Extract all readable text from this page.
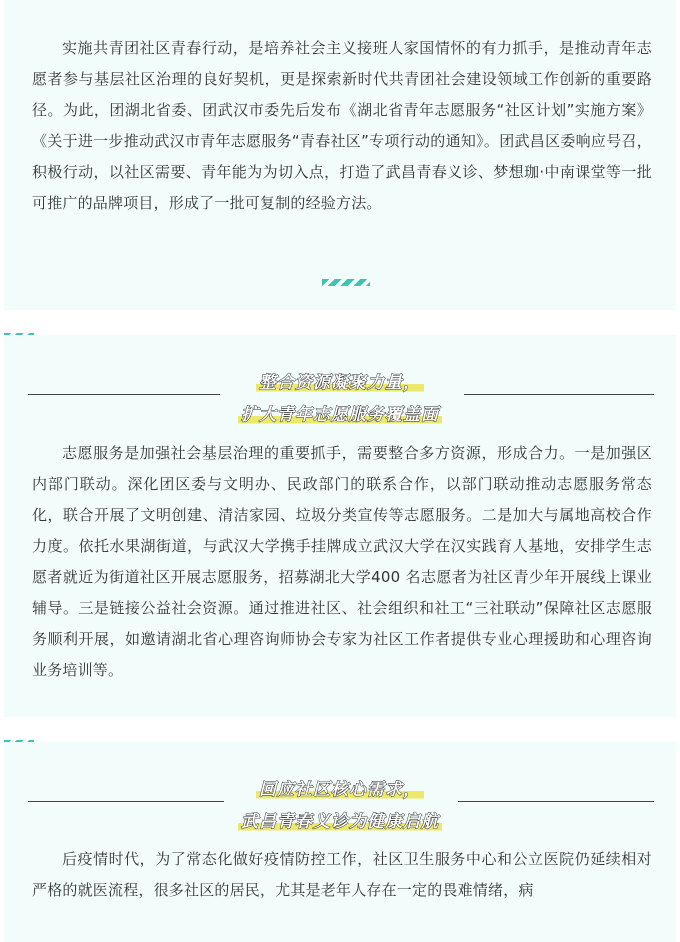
实施共青团社区青春行动，是培养社会主义接班人家国情怀的有力抓手，是推动青年志愿者参与基层社区治理的良好契机，更是探索新时代共青团社会建设领域工作创新的重要路径。为此，团湖北省委、团武汉市委先后发布《湖北省青年志愿服务“社区计划”实施方案》《关于进一步推动武汉市青年志愿服务“青春社区”专项行动的通知》。团武昌区委响应号召，积极行动，以社区需要、青年能为为切入点，打造了武昌青春义诊、梦想珈·中南课堂等一批可推广的品牌项目，形成了一批可复制的经验方法。

整合资源凝聚力量，
扩大青年志愿服务覆盖面

志愿服务是加强社会基层治理的重要抓手，需要整合多方资源，形成合力。一是加强区内部门联动。深化团区委与文明办、民政部门的联系合作，以部门联动推动志愿服务常态化，联合开展了文明创建、清洁家园、垃圾分类宣传等志愿服务。二是加大与属地高校合作力度。依托水果湖街道，与武汉大学携手挂牌成立武汉大学在汉实践育人基地，安排学生志愿者就近为街道社区开展志愿服务，招募湖北大学400 名志愿者为社区青少年开展线上课业辅导。三是链接公益社会资源。通过推进社区、社会组织和社工“三社联动”保障社区志愿服务顺利开展，如邀请湖北省心理咨询师协会专家为社区工作者提供专业心理援助和心理咨询业务培训等。

回应社区核心需求，
武昌青春义诊为健康启航

后疫情时代，为了常态化做好疫情防控工作，社区卫生服务中心和公立医院仍延续相对严格的就医流程，很多社区的居民，尤其是老年人存在一定的畏难情绪，病
